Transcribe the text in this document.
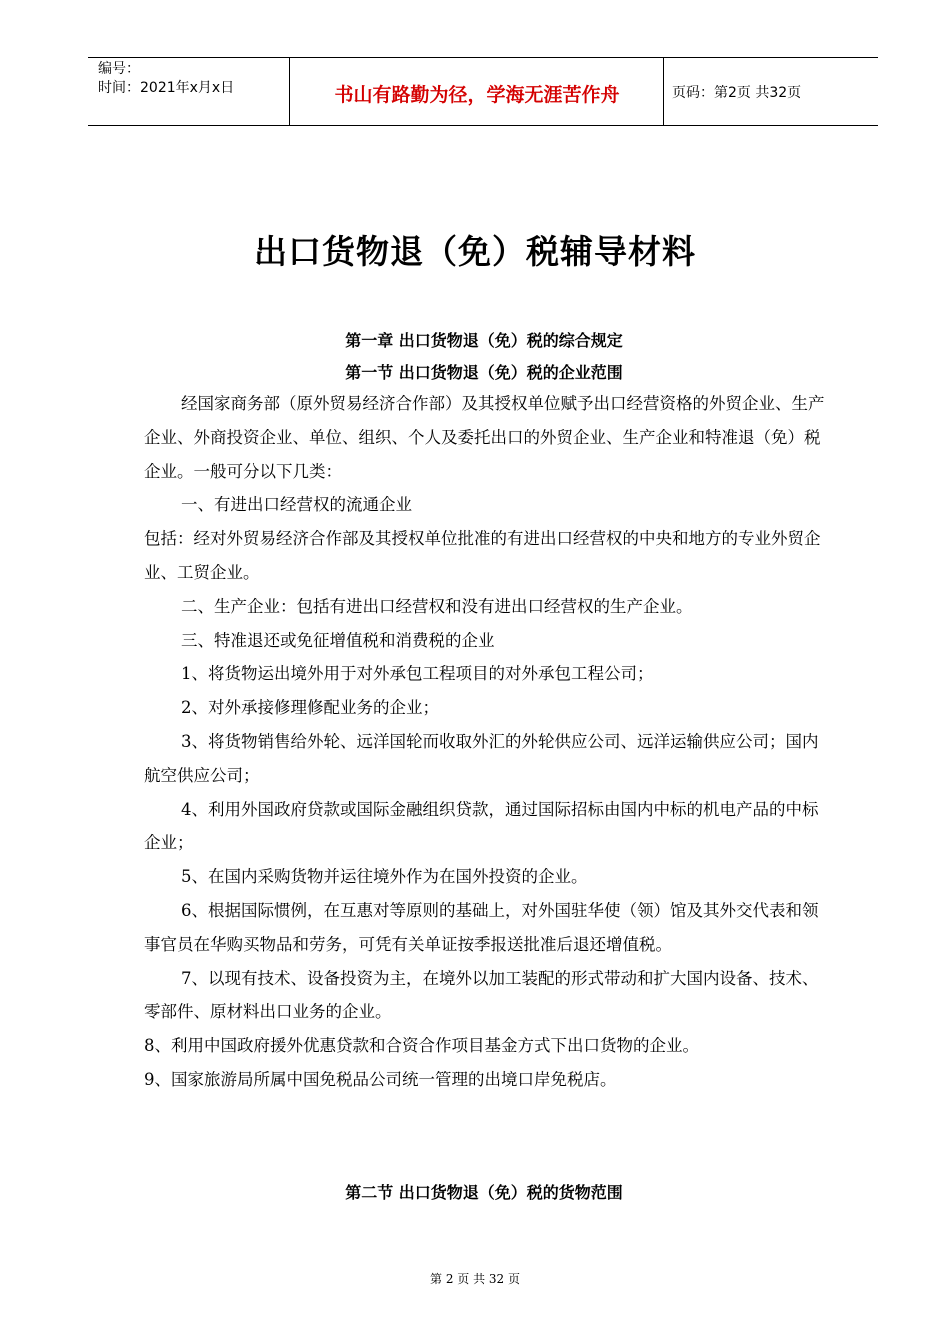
编号：
时间：2021年x月x日	书山有路勤为径，学海无涯苦作舟	页码：第2页 共32页
出口货物退（免）税辅导材料
第一章 出口货物退（免）税的综合规定
第一节 出口货物退（免）税的企业范围

经国家商务部（原外贸易经济合作部）及其授权单位赋予出口经营资格的外贸企业、生产企业、外商投资企业、单位、组织、个人及委托出口的外贸企业、生产企业和特准退（免）税企业。一般可分以下几类：

一、有进出口经营权的流通企业

包括：经对外贸易经济合作部及其授权单位批准的有进出口经营权的中央和地方的专业外贸企业、工贸企业。

二、生产企业：包括有进出口经营权和没有进出口经营权的生产企业。

三、特准退还或免征增值税和消费税的企业

1、将货物运出境外用于对外承包工程项目的对外承包工程公司；

2、对外承接修理修配业务的企业；

3、将货物销售给外轮、远洋国轮而收取外汇的外轮供应公司、远洋运输供应公司；国内航空供应公司；

4、利用外国政府贷款或国际金融组织贷款，通过国际招标由国内中标的机电产品的中标企业；

5、在国内采购货物并运往境外作为在国外投资的企业。

6、根据国际惯例，在互惠对等原则的基础上，对外国驻华使（领）馆及其外交代表和领事官员在华购买物品和劳务，可凭有关单证按季报送批准后退还增值税。

7、以现有技术、设备投资为主，在境外以加工装配的形式带动和扩大国内设备、技术、零部件、原材料出口业务的企业。

8、利用中国政府援外优惠贷款和合资合作项目基金方式下出口货物的企业。

9、国家旅游局所属中国免税品公司统一管理的出境口岸免税店。

第二节 出口货物退（免）税的货物范围
第 2 页 共 32 页
